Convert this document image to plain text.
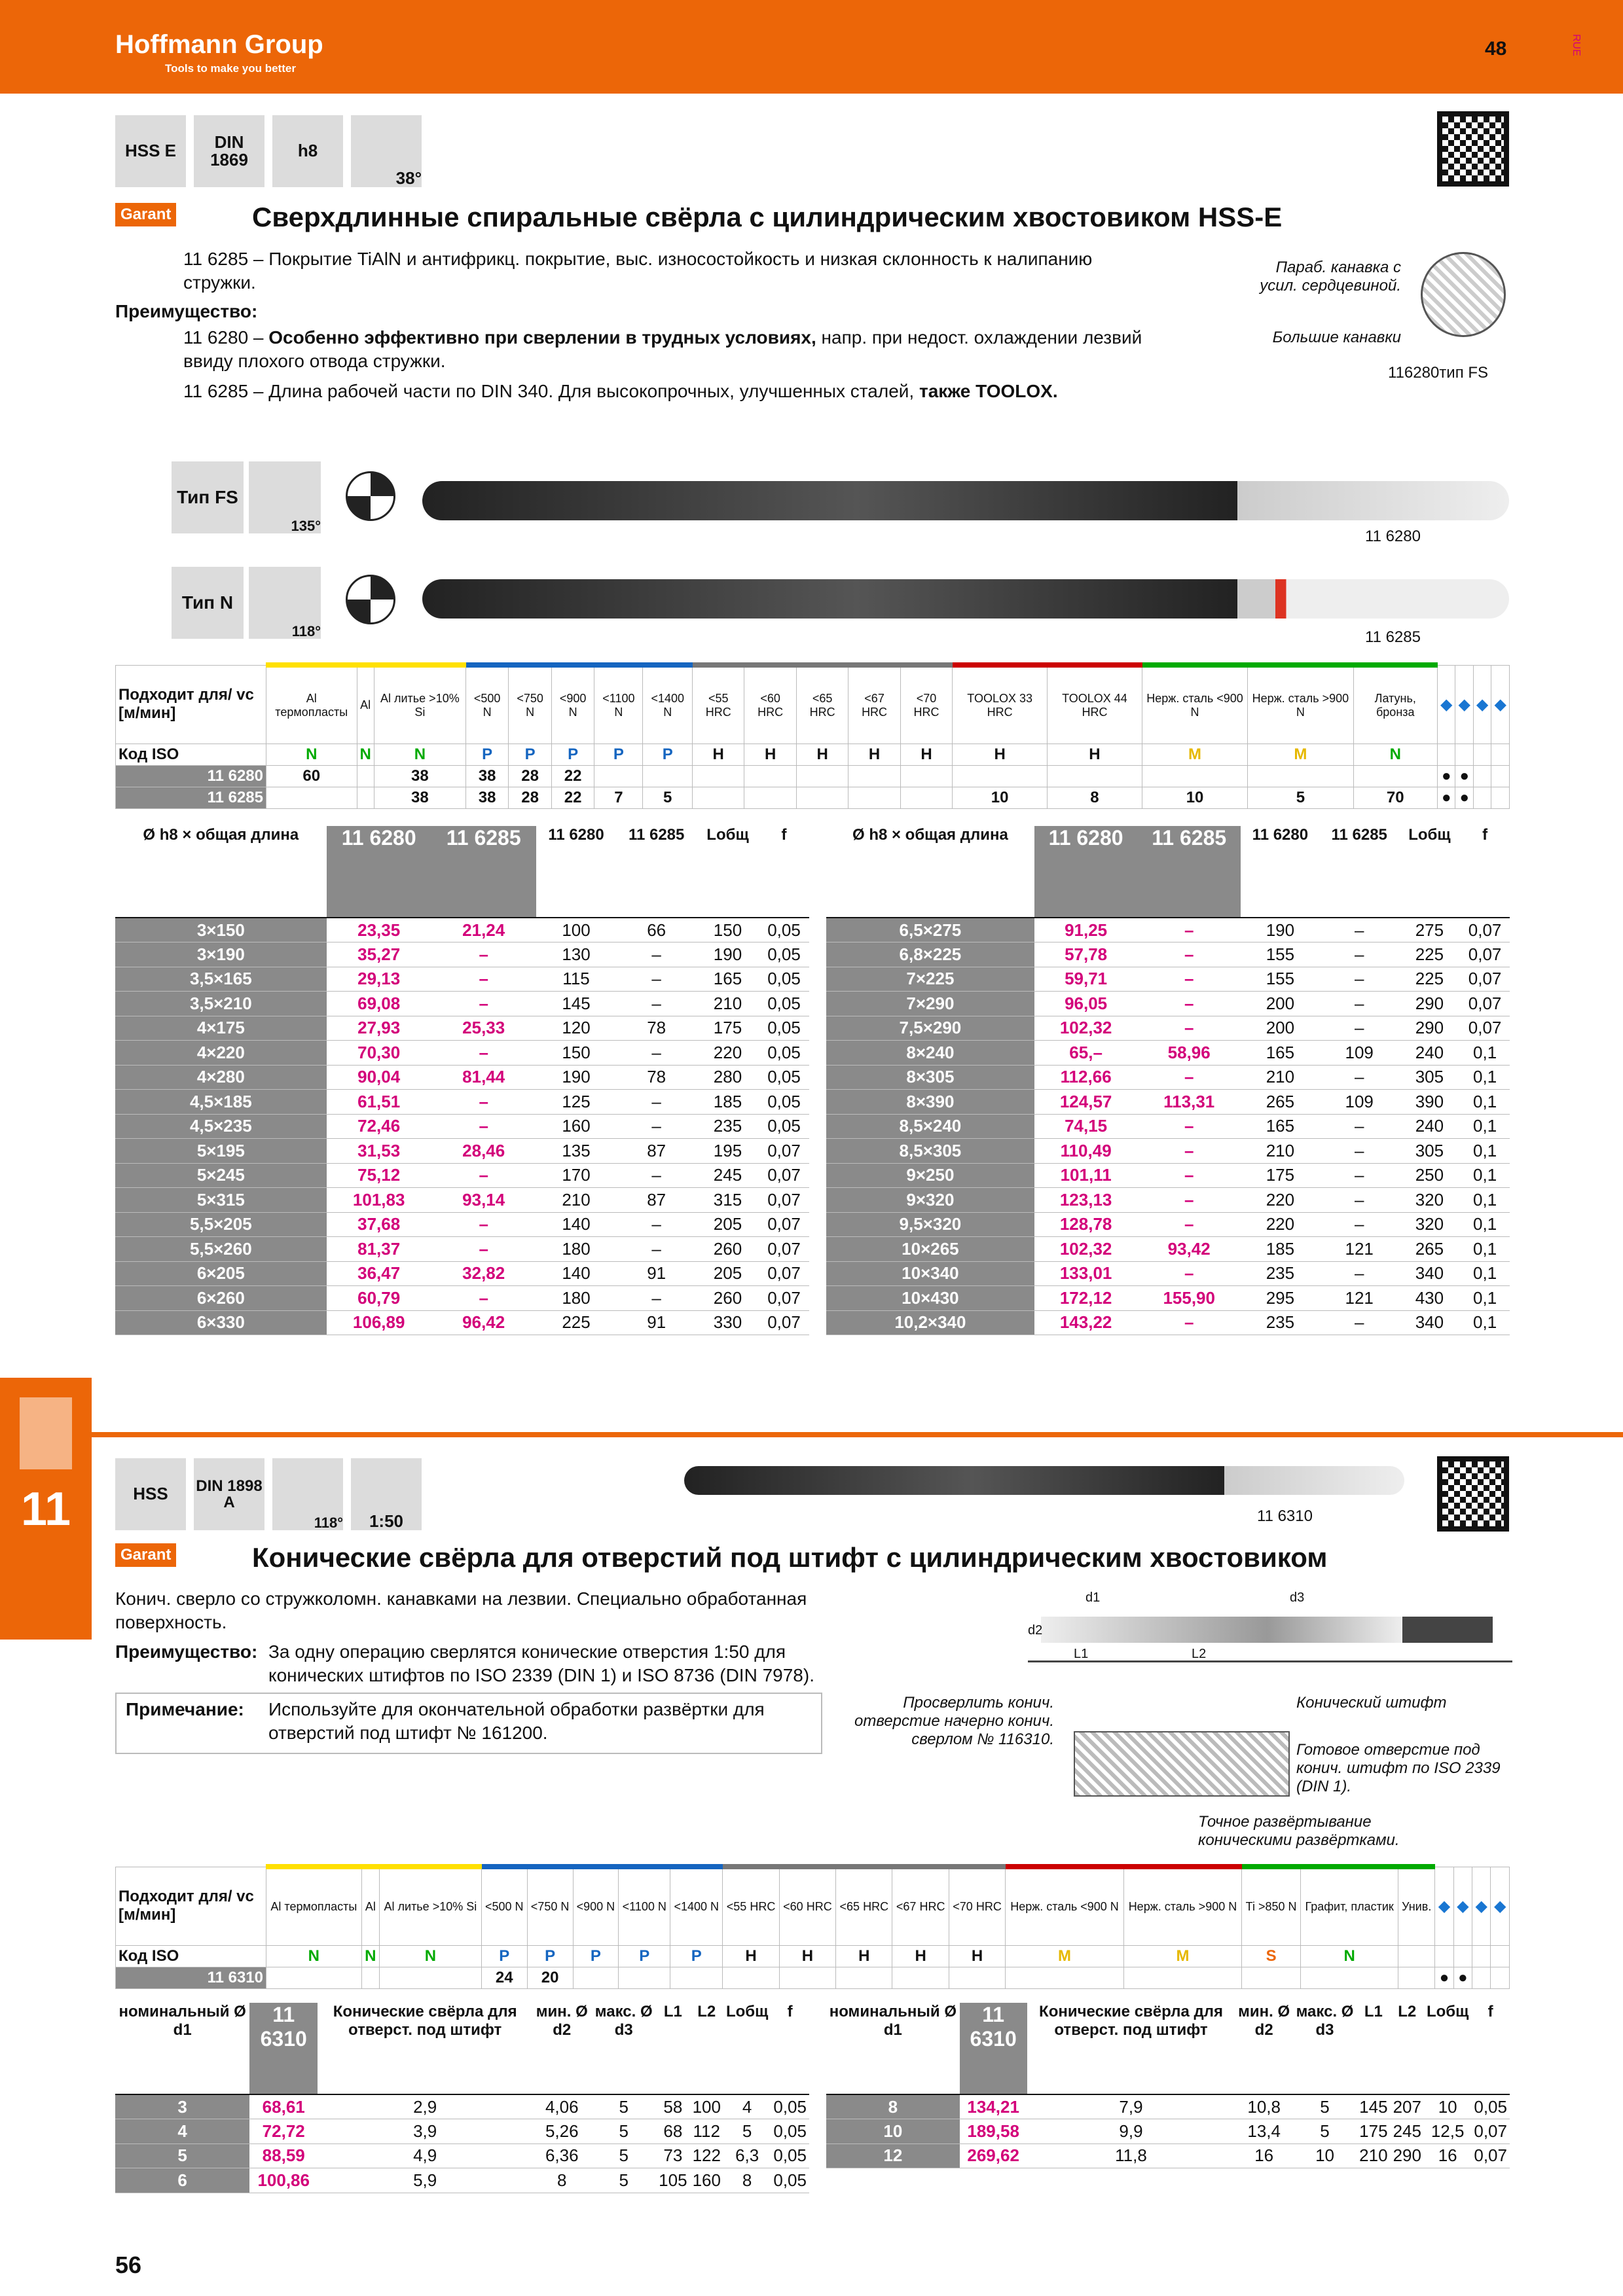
Hoffmann Group
Tools to make you better
48	RUE
HSS E	DIN 1869	h8
38°
Garant	Сверхдлинные спиральные свёрла с цилиндрическим хвостовиком HSS-E
11 6285 – Покрытие TiAlN и антифрикц. покрытие, выс. износостойкость и низкая склонность к налипанию стружки.
Преимущество:
11 6280 – Особенно эффективно при сверлении в трудных условиях, напр. при недост. охлаждении лезвий ввиду плохого отвода стружки.
11 6285 – Длина рабочей части по DIN 340. Для высокопрочных, улучшенных сталей, также TOOLOX.
Параб. канавка с усил. сердцевиной.
Большие канавки
116280тип FS
Тип FS
135°
11 6280
Тип N
118°	11 6285
Подходит для/ vc [м/мин]	Al термопласты	Al	Al литье >10% Si	<500 N	<750 N	<900 N	<1100 N	<1400 N	<55 HRC	<60 HRC	<65 HRC	<67 HRC	<70 HRC	TOOLOX 33 HRC	TOOLOX 44 HRC	Нерж. сталь <900 N	Нерж. сталь >900 N	Латунь, бронза	◆	◆	◆	◆
Код ISO	N	N	N	P	P	P	P	P	H	H	H	H	H	H	H	M	M	N				
11 6280	60		38	38	28	22													●	●		
11 6285			38	38	28	22	7	5						10	8	10	5	70	●	●		
Ø h8 × общая длина	11 6280	11 6285	11 6280	11 6285	Lобщ	f
3×150	23,35	21,24	100	66	150	0,05
3×190	35,27	–	130	–	190	0,05
3,5×165	29,13	–	115	–	165	0,05
3,5×210	69,08	–	145	–	210	0,05
4×175	27,93	25,33	120	78	175	0,05
4×220	70,30	–	150	–	220	0,05
4×280	90,04	81,44	190	78	280	0,05
4,5×185	61,51	–	125	–	185	0,05
4,5×235	72,46	–	160	–	235	0,05
5×195	31,53	28,46	135	87	195	0,07
5×245	75,12	–	170	–	245	0,07
5×315	101,83	93,14	210	87	315	0,07
5,5×205	37,68	–	140	–	205	0,07
5,5×260	81,37	–	180	–	260	0,07
6×205	36,47	32,82	140	91	205	0,07
6×260	60,79	–	180	–	260	0,07
6×330	106,89	96,42	225	91	330	0,07
Ø h8 × общая длина	11 6280	11 6285	11 6280	11 6285	Lобщ	f
6,5×275	91,25	–	190	–	275	0,07
6,8×225	57,78	–	155	–	225	0,07
7×225	59,71	–	155	–	225	0,07
7×290	96,05	–	200	–	290	0,07
7,5×290	102,32	–	200	–	290	0,07
8×240	65,–	58,96	165	109	240	0,1
8×305	112,66	–	210	–	305	0,1
8×390	124,57	113,31	265	109	390	0,1
8,5×240	74,15	–	165	–	240	0,1
8,5×305	110,49	–	210	–	305	0,1
9×250	101,11	–	175	–	250	0,1
9×320	123,13	–	220	–	320	0,1
9,5×320	128,78	–	220	–	320	0,1
10×265	102,32	93,42	185	121	265	0,1
10×340	133,01	–	235	–	340	0,1
10×430	172,12	155,90	295	121	430	0,1
10,2×340	143,22	–	235	–	340	0,1
11	HSS	DIN 1898 A
118°	1:50	11 6310
Garant	Конические свёрла для отверстий под штифт с цилиндрическим хвостовиком
Конич. сверло со стружколомн. канавками на лезвии. Специально обработанная поверхность.
Преимущество: За одну операцию сверлятся конические отверстия 1:50 для конических штифтов по ISO 2339 (DIN 1) и ISO 8736 (DIN 7978).
Примечание: Используйте для окончательной обработки развёртки для отверстий под штифт № 161200.
d1
d2
d3
L1	L2
Просверлить конич. отверстие начерно конич. сверлом № 116310.
Конический штифт
Готовое отверстие под конич. штифт по ISO 2339 (DIN 1).
Точное развёртывание коническими развёртками.
Подходит для/ vc [м/мин]	Al термопласты	Al	Al литье >10% Si	<500 N	<750 N	<900 N	<1100 N	<1400 N	<55 HRC	<60 HRC	<65 HRC	<67 HRC	<70 HRC	Нерж. сталь <900 N	Нерж. сталь >900 N	Ti >850 N	Графит, пластик	Унив.	◆	◆	◆	◆
Код ISO	N	N	N	P	P	P	P	P	H	H	H	H	H	M	M	S	N					
11 6310				24	20														●	●		
номинальный Ø d1	11 6310	Конические свёрла для отверст. под штифт	мин. Ø d2	макс. Ø d3	L1	L2	Lобщ	f
3	68,61	2,9	4,06	5	58	100	4	0,05
4	72,72	3,9	5,26	5	68	112	5	0,05
5	88,59	4,9	6,36	5	73	122	6,3	0,05
6	100,86	5,9	8	5	105	160	8	0,05
номинальный Ø d1	11 6310	Конические свёрла для отверст. под штифт	мин. Ø d2	макс. Ø d3	L1	L2	Lобщ	f
8	134,21	7,9	10,8	5	145	207	10	0,05
10	189,58	9,9	13,4	5	175	245	12,5	0,07
12	269,62	11,8	16	10	210	290	16	0,07
56
